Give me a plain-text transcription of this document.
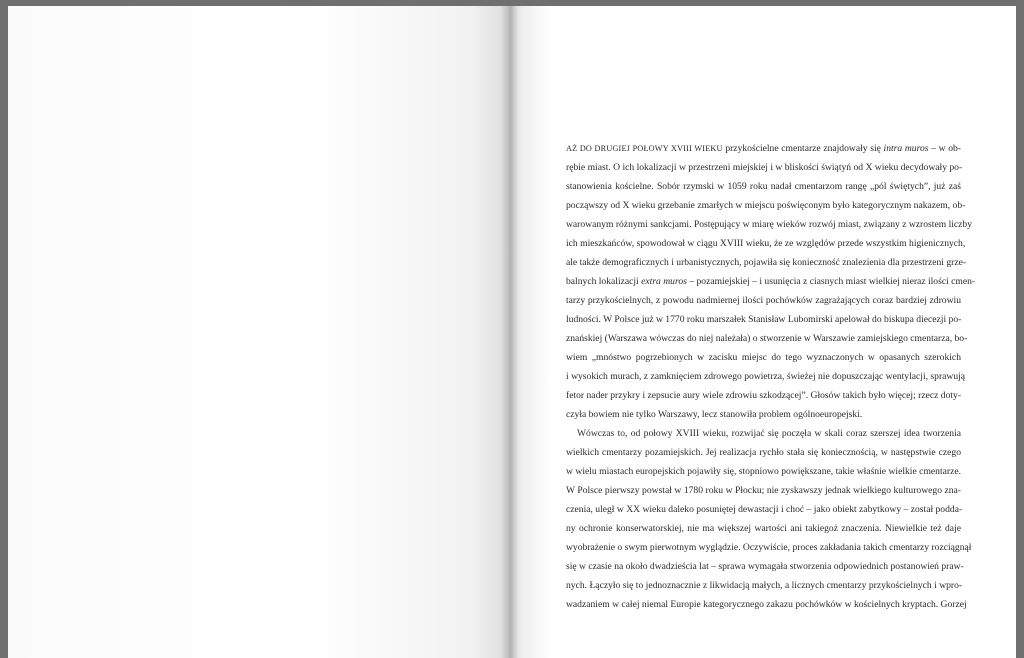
AŻ DO DRUGIEJ POŁOWY XVIII WIEKU przykościelne cmentarze znajdowały się intra muros – w ob-
rębie miast. O ich lokalizacji w przestrzeni miejskiej i w bliskości świątyń od X wieku decydowały po-
stanowienia kościelne. Sobór rzymski w 1059 roku nadał cmentarzom rangę „pól świętych”, już zaś
począwszy od X wieku grzebanie zmarłych w miejscu poświęconym było kategorycznym nakazem, ob-
warowanym różnymi sankcjami. Postępujący w miarę wieków rozwój miast, związany z wzrostem liczby
ich mieszkańców, spowodował w ciągu XVIII wieku, że ze względów przede wszystkim higienicznych,
ale także demograficznych i urbanistycznych, pojawiła się konieczność znalezienia dla przestrzeni grze-
balnych lokalizacji extra muros – pozamiejskiej – i usunięcia z ciasnych miast wielkiej nieraz ilości cmen-
tarzy przykościelnych, z powodu nadmiernej ilości pochówków zagrażających coraz bardziej zdrowiu
ludności. W Polsce już w 1770 roku marszałek Stanisław Lubomirski apelował do biskupa diecezji po-
znańskiej (Warszawa wówczas do niej należała) o stworzenie w Warszawie zamiejskiego cmentarza, bo-
wiem „mnóstwo pogrzebionych w zacisku miejsc do tego wyznaczonych w opasanych szerokich
i wysokich murach, z zamknięciem zdrowego powietrza, świeżej nie dopuszczając wentylacji, sprawują
fetor nader przykry i zepsucie aury wiele zdrowiu szkodzącej”. Głosów takich było więcej; rzecz doty-
czyła bowiem nie tylko Warszawy, lecz stanowiła problem ogólnoeuropejski.
Wówczas to, od połowy XVIII wieku, rozwijać się poczęła w skali coraz szerszej idea tworzenia
wielkich cmentarzy pozamiejskich. Jej realizacja rychło stała się koniecznością, w następstwie czego
w wielu miastach europejskich pojawiły się, stopniowo powiększane, takie właśnie wielkie cmentarze.
W Polsce pierwszy powstał w 1780 roku w Płocku; nie zyskawszy jednak wielkiego kulturowego zna-
czenia, uległ w XX wieku daleko posuniętej dewastacji i choć – jako obiekt zabytkowy – został podda-
ny ochronie konserwatorskiej, nie ma większej wartości ani takiegoż znaczenia. Niewielkie też daje
wyobrażenie o swym pierwotnym wyglądzie. Oczywiście, proces zakładania takich cmentarzy rozciągnął
się w czasie na około dwadzieścia lat – sprawa wymagała stworzenia odpowiednich postanowień praw-
nych. Łączyło się to jednoznacznie z likwidacją małych, a licznych cmentarzy przykościelnych i wpro-
wadzaniem w całej niemal Europie kategorycznego zakazu pochówków w kościelnych kryptach. Gorzej
